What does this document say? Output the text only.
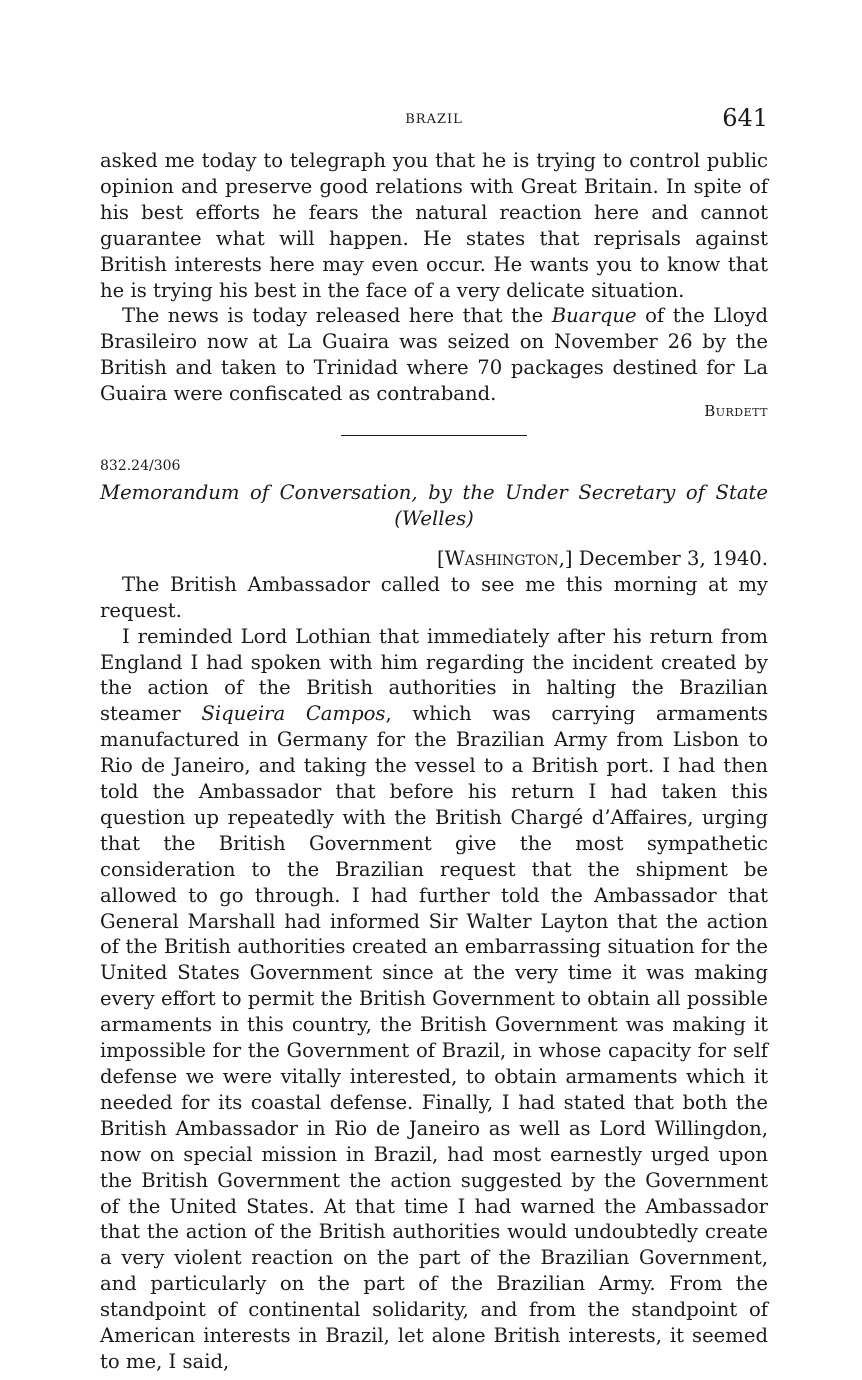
BRAZIL	641

asked me today to telegraph you that he is trying to control public opinion and preserve good relations with Great Britain. In spite of his best efforts he fears the natural reaction here and cannot guarantee what will happen. He states that reprisals against British interests here may even occur. He wants you to know that he is trying his best in the face of a very delicate situation.

The news is today released here that the Buarque of the Lloyd Brasileiro now at La Guaira was seized on November 26 by the British and taken to Trinidad where 70 packages destined for La Guaira were confiscated as contraband.

Burdett
832.24/306
Memorandum of Conversation, by the Under Secretary of State
(Welles)
[Washington,] December 3, 1940.

The British Ambassador called to see me this morning at my request.

I reminded Lord Lothian that immediately after his return from England I had spoken with him regarding the incident created by the action of the British authorities in halting the Brazilian steamer Siqueira Campos, which was carrying armaments manufactured in Germany for the Brazilian Army from Lisbon to Rio de Janeiro, and taking the vessel to a British port. I had then told the Ambassador that before his return I had taken this question up repeatedly with the British Chargé d’Affaires, urging that the British Government give the most sympathetic consideration to the Brazilian request that the shipment be allowed to go through. I had further told the Ambassador that General Marshall had informed Sir Walter Layton that the action of the British authorities created an embarrassing situation for the United States Government since at the very time it was making every effort to permit the British Government to obtain all possible armaments in this country, the British Government was making it impossible for the Government of Brazil, in whose capacity for self defense we were vitally interested, to obtain armaments which it needed for its coastal defense. Finally, I had stated that both the British Ambassador in Rio de Janeiro as well as Lord Willingdon, now on special mission in Brazil, had most earnestly urged upon the British Government the action suggested by the Government of the United States. At that time I had warned the Ambassador that the action of the British authorities would undoubtedly create a very violent reaction on the part of the Brazilian Government, and particularly on the part of the Brazilian Army. From the standpoint of continental solidarity, and from the standpoint of American interests in Brazil, let alone British interests, it seemed to me, I said,
